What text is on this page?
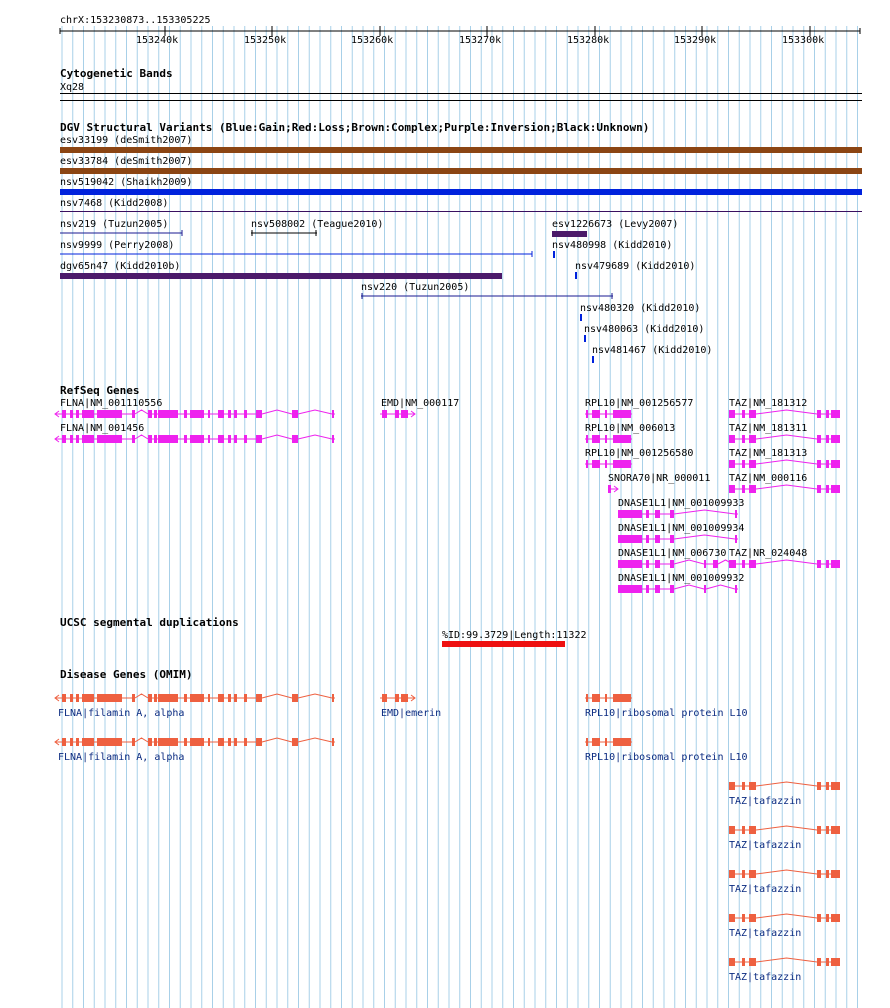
chrX:153230873..153305225
153240k	153250k	153260k	153270k	153280k	153290k	153300k
Cytogenetic Bands
Xq28
DGV Structural Variants (Blue:Gain;Red:Loss;Brown:Complex;Purple:Inversion;Black:Unknown)
esv33199 (deSmith2007)
esv33784 (deSmith2007)
nsv519042 (Shaikh2009)
nsv7468 (Kidd2008)
nsv219 (Tuzun2005)	nsv508002 (Teague2010)	esv1226673 (Levy2007)
nsv9999 (Perry2008)	nsv480998 (Kidd2010)
dgv65n47 (Kidd2010b)	nsv479689 (Kidd2010)
nsv220 (Tuzun2005)
nsv480320 (Kidd2010)
nsv480063 (Kidd2010)
nsv481467 (Kidd2010)
RefSeq Genes
FLNA|NM_001110556	EMD|NM_000117	RPL10|NM_001256577	TAZ|NM_181312
FLNA|NM_001456	RPL10|NM_006013	TAZ|NM_181311
RPL10|NM_001256580	TAZ|NM_181313
SNORA70|NR_000011 TAZ|NM_000116
DNASE1L1|NM_001009933
DNASE1L1|NM_001009934
DNASE1L1|NM_006730 TAZ|NR_024048
DNASE1L1|NM_001009932
UCSC segmental duplications
%ID:99.3729|Length:11322
Disease Genes (OMIM)
FLNA|filamin A, alpha	EMD|emerin	RPL10|ribosomal protein L10
FLNA|filamin A, alpha	RPL10|ribosomal protein L10
TAZ|tafazzin
TAZ|tafazzin
TAZ|tafazzin
TAZ|tafazzin
TAZ|tafazzin
